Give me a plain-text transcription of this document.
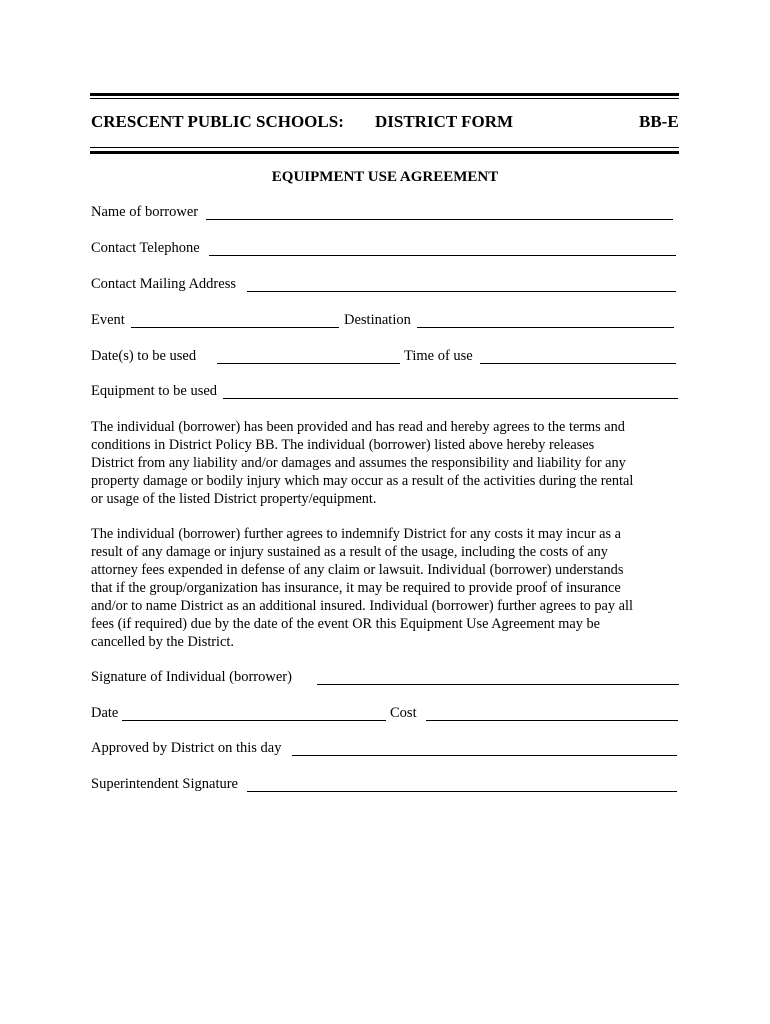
CRESCENT PUBLIC SCHOOLS: DISTRICT FORM	BB-E
EQUIPMENT USE AGREEMENT
Name of borrower
Contact Telephone
Contact Mailing Address
Event	Destination
Date(s) to be used	Time of use
Equipment to be used
The individual (borrower) has been provided and has read and hereby agrees to the terms and
conditions in District Policy BB. The individual (borrower) listed above hereby releases
District from any liability and/or damages and assumes the responsibility and liability for any
property damage or bodily injury which may occur as a result of the activities during the rental
or usage of the listed District property/equipment.
The individual (borrower) further agrees to indemnify District for any costs it may incur as a
result of any damage or injury sustained as a result of the usage, including the costs of any
attorney fees expended in defense of any claim or lawsuit. Individual (borrower) understands
that if the group/organization has insurance, it may be required to provide proof of insurance
and/or to name District as an additional insured. Individual (borrower) further agrees to pay all
fees (if required) due by the date of the event OR this Equipment Use Agreement may be
cancelled by the District.
Signature of Individual (borrower)
Date	Cost
Approved by District on this day
Superintendent Signature
